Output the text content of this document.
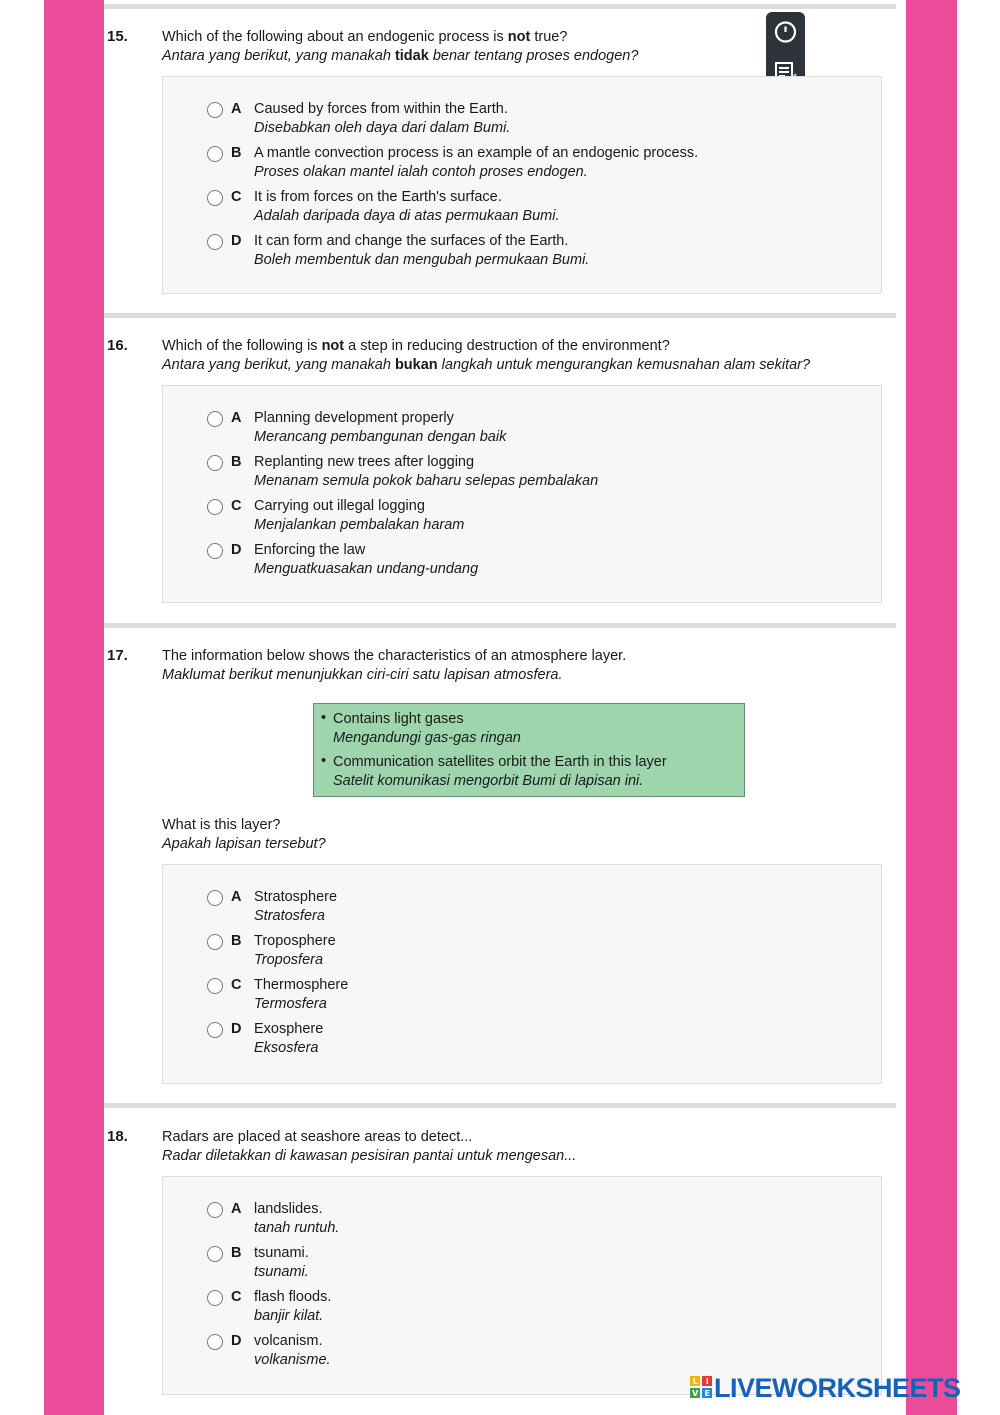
15. Which of the following about an endogenic process is not true?
Antara yang berikut, yang manakah tidak benar tentang proses endogen?
A Caused by forces from within the Earth.
Disebabkan oleh daya dari dalam Bumi.
B A mantle convection process is an example of an endogenic process.
Proses olakan mantel ialah contoh proses endogen.
C It is from forces on the Earth's surface.
Adalah daripada daya di atas permukaan Bumi.
D It can form and change the surfaces of the Earth.
Boleh membentuk dan mengubah permukaan Bumi.
16. Which of the following is not a step in reducing destruction of the environment?
Antara yang berikut, yang manakah bukan langkah untuk mengurangkan kemusnahan alam sekitar?
A Planning development properly
Merancang pembangunan dengan baik
B Replanting new trees after logging
Menanam semula pokok baharu selepas pembalakan
C Carrying out illegal logging
Menjalankan pembalakan haram
D Enforcing the law
Menguatkuasakan undang-undang
17. The information below shows the characteristics of an atmosphere layer.
Maklumat berikut menunjukkan ciri-ciri satu lapisan atmosfera.
• Contains light gases
Mengandungi gas-gas ringan
• Communication satellites orbit the Earth in this layer
Satelit komunikasi mengorbit Bumi di lapisan ini.
What is this layer?
Apakah lapisan tersebut?
A Stratosphere
Stratosfera
B Troposphere
Troposfera
C Thermosphere
Termosfera
D Exosphere
Eksosfera
18. Radars are placed at seashore areas to detect...
Radar diletakkan di kawasan pesisiran pantai untuk mengesan...
A landslides.
tanah runtuh.
B tsunami.
tsunami.
C flash floods.
banjir kilat.
D volcanism.
volkanisme.
L I
V E LIVEWORKSHEETS
